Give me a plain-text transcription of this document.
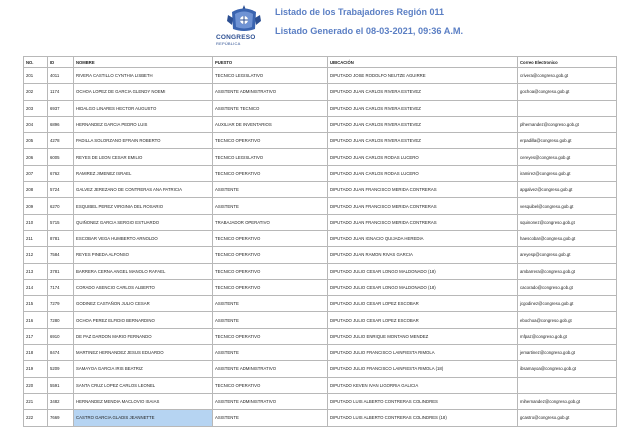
CONGRESO
REPÚBLICA
Listado de los Trabajadores Región 011
Listado Generado el 08-03-2021, 09:36 A.M.
NO.	ID	NOMBRE	PUESTO	UBICACIÓN	Correo Electronico
201	4011	RIVERA CASTILLO CYNTHIA LISBETH	TECNICO LEGISLATIVO	DIPUTADO JOSE RODOLFO NEUTZE AGUIRRE	crivera@congreso.gob.gt
202	1174	OCHOA LOPEZ DE GARCIA GLENDY NOEMI	ASISTENTE ADMINISTRATIVO	DIPUTADO JUAN CARLOS RIVERA ESTEVEZ	gochoa@congreso.gob.gt
203	6937	HIDALGO LINARES HECTOR AUGUSTO	ASISTENTE TECNICO	DIPUTADO JUAN CARLOS RIVERA ESTEVEZ	
204	6896	HERNANDEZ GARCIA PEDRO LUIS	AUXILIAR DE INVENTARIOS	DIPUTADO JUAN CARLOS RIVERA ESTEVEZ	plhernandez@congreso.gob.gt
205	4278	PADILLA SOLORZANO EFRAIN ROBERTO	TECNICO OPERATIVO	DIPUTADO JUAN CARLOS RIVERA ESTEVEZ	erpadilla@congreso.gob.gt
206	6005	REYES DE LEON CESAR EMILIO	TECNICO LEGISLATIVO	DIPUTADO JUAN CARLOS RODAS LUCERO	cereyes@congreso.gob.gt
207	6762	RAMIREZ JIMENEZ ISRAEL	TECNICO OPERATIVO	DIPUTADO JUAN CARLOS RODAS LUCERO	iramirez@congreso.gob.gt
208	5724	GALVEZ JEREZANO DE CONTRERAS ANA PATRICIA	ASISTENTE	DIPUTADO JUAN FRANCISCO MERIDA CONTRERAS	apgalvez@congreso.gob.gt
209	6270	ESQUIBEL PEREZ VIRGINIA DEL ROSARIO	ASISTENTE	DIPUTADO JUAN FRANCISCO MERIDA CONTRERAS	vesquibel@congreso.gob.gt
210	5715	QUIÑONEZ GARCIA SERGIO ESTUARDO	TRABAJADOR OPERATIVO	DIPUTADO JUAN FRANCISCO MERIDA CONTRERAS	squinonez@congreso.gob.gt
211	8781	ESCOBAR VEGA HUMBERTO ARNOLDO	TECNICO OPERATIVO	DIPUTADO JUAN IGNACIO QUIJADA HEREDIA	haescobar@congreso.gob.gt
212	7584	REYES PINEDA ALFONSO	TECNICO OPERATIVO	DIPUTADO JUAN RAMON RIVAS GARCIA	areyesp@congreso.gob.gt
213	3781	BARRERA CERNA ANGEL MANOLO RAFAEL	TECNICO OPERATIVO	DIPUTADO JULIO CESAR LONGO MALDONADO (18)	ambarrera@congreso.gob.gt
214	7174	CORADO ASENCIO CARLOS ALBERTO	TECNICO OPERATIVO	DIPUTADO JULIO CESAR LONGO MALDONADO (18)	cacorado@congreso.gob.gt
215	7279	GODINEZ CASTAÑON JULIO CESAR	ASISTENTE	DIPUTADO JULIO CESAR LOPEZ ESCOBAR	jcgodinez@congreso.gob.gt
216	7280	OCHOA PEREZ ELFIDIO BERNARDINO	ASISTENTE	DIPUTADO JULIO CESAR LOPEZ ESCOBAR	ebochoa@congreso.gob.gt
217	6910	DE PAZ DARDON MARIO FERNANDO	TECNICO OPERATIVO	DIPUTADO JULIO ENRIQUE MONTANO MENDEZ	mfpaz@congreso.gob.gt
218	8474	MARTINEZ HERNANDEZ JESUS EDUARDO	ASISTENTE	DIPUTADO JULIO FRANCISCO LAINFIESTA RIMOLA	jemartinez@congreso.gob.gt
219	5209	SAMAYOA GARCIA IRIS BEATRIZ	ASISTENTE ADMINISTRATIVO	DIPUTADO JULIO FRANCISCO LAINFIESTA RIMOLA (18)	ibsamayoa@congreso.gob.gt
220	5591	SANTA CRUZ LOPEZ CARLOS LEONEL	TECNICO OPERATIVO	DIPUTADO KEVEN IVAN LIGORRIA GALICIA	
221	3482	HERNANDEZ MENDIA MACLOVIO ISAIAS	ASISTENTE ADMINISTRATIVO	DIPUTADO LUIS ALBERTO CONTRERAS COLINDRES	mihernandez@congreso.gob.gt
222	7669	CASTRO GARCIA GLADIS JEANNETTE	ASISTENTE	DIPUTADO LUIS ALBERTO CONTRERAS COLINDRES (18)	gcastro@congreso.gob.gt
